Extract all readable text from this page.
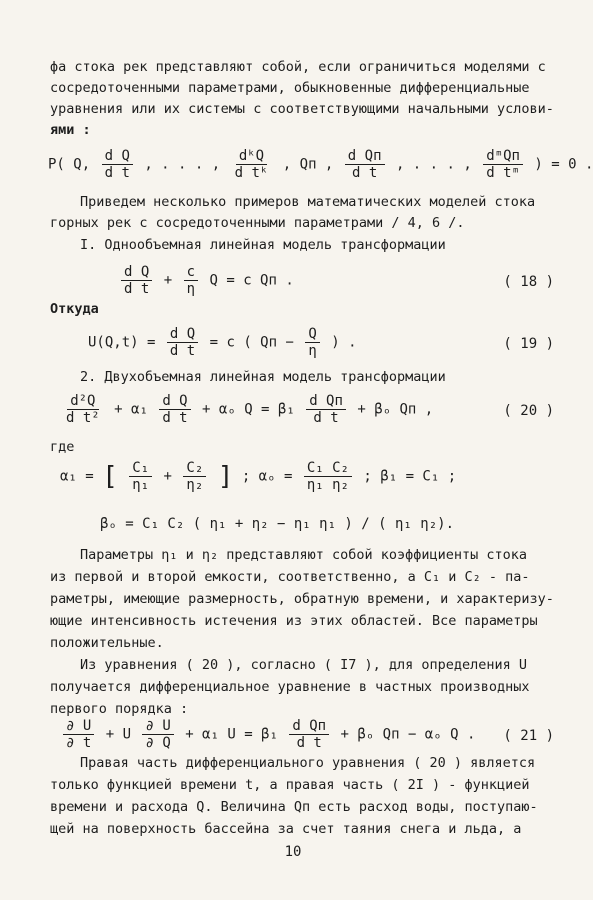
фа стока рек представляют собой, если ограничиться моделями с
сосредоточенными параметрами, обыкновенные дифференциальные
уравнения или их системы с соответствующими начальными услови-
ями :
P( Q, $\frac{\text{d Q}}{\text{d t}}$ , . . . , $\frac{\text{dᵏQ}}{\text{d tᵏ}}$ , Qп , $\frac{\text{d Qп}}{\text{d t}}$ , . . . , $\frac{\text{dᵐQп}}{\text{d tᵐ}}$ ) = 0 .
Приведем несколько примеров математических моделей стока
горных рек с сосредоточенными параметрами / 4, 6 /.
I. Однообъемная линейная модель трансформации
$\frac{\text{d Q}}{\text{d t}} + \frac{c}{\eta}$ Q = c Qп .	( 18 )
Откуда
$U(Q,t) = \frac{\text{d Q}}{\text{d t}} = c$ ( Qп − $\frac{Q}{\eta}$ ) .	( 19 )
2. Двухобъемная линейная модель трансформации
$\frac{\text{d²Q}}{\text{d t²}} + \alpha_1 \frac{\text{d Q}}{\text{d t}} + \alpha_o$ $Q = \beta_1 \frac{\text{d Qп}}{\text{d t}} + \beta_o$ Qп ,	( 20 )
где
α₁ = [ $\frac{\text{C₁}}{\text{η₁}} + \frac{\text{C₂}}{\text{η₂}}$ ] ; $\alpha_o = \frac{\text{C₁ C₂}}{\text{η₁ η₂}}$ ; β₁ = C₁ ;
βₒ = C₁ C₂ ( η₁ + η₂ − η₁ η₁ ) / ( η₁ η₂).
Параметры η₁ и η₂ представляют собой коэффициенты стока
из первой и второй емкости, соответственно, а C₁ и C₂ - па-
раметры, имеющие размерность, обратную времени, и характеризу-
ющие интенсивность истечения из этих областей. Все параметры
положительные.
Из уравнения ( 20 ), согласно ( I7 ), для определения U
получается дифференциальное уравнение в частных производных
первого порядка :
$\frac{\partial U}{\partial t} + U \frac{\partial U}{\partial Q} + \alpha_1$ $U = \beta_1 \frac{\text{d Qп}}{\text{d t}} + \beta_o$ Qп − αₒ Q . ( 21 )
Правая часть дифференциального уравнения ( 20 ) является
только функцией времени t, а правая часть ( 2I ) - функцией
времени и расхода Q. Величина Qп есть расход воды, поступаю-
щей на поверхность бассейна за счет таяния снега и льда, а
10
